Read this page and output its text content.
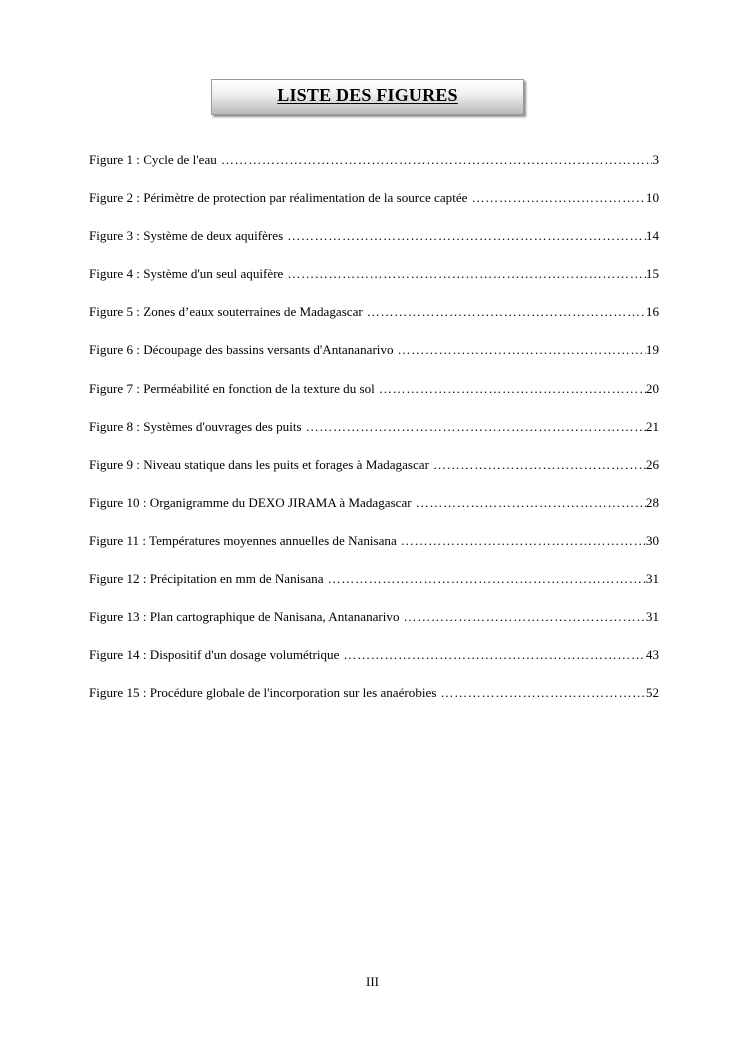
LISTE DES FIGURES
Figure 1 : Cycle de l'eau ………………………………………………………………………………………………………………………………………………………………………………	3
Figure 2 : Périmètre de protection par réalimentation de la source captée ………………………………………………………………………………………………………………………………………………………………………………	10
Figure 3 : Système de deux aquifères ………………………………………………………………………………………………………………………………………………………………………………	14
Figure 4 : Système d'un seul aquifère ………………………………………………………………………………………………………………………………………………………………………………	15
Figure 5 : Zones d’eaux souterraines de Madagascar ………………………………………………………………………………………………………………………………………………………………………………	16
Figure 6 : Découpage des bassins versants d'Antananarivo ………………………………………………………………………………………………………………………………………………………………………………	19
Figure 7 : Perméabilité en fonction de la texture du sol ………………………………………………………………………………………………………………………………………………………………………………	20
Figure 8 : Systèmes d'ouvrages des puits ………………………………………………………………………………………………………………………………………………………………………………	21
Figure 9 : Niveau statique dans les puits et forages à Madagascar ………………………………………………………………………………………………………………………………………………………………………………	26
Figure 10 : Organigramme du DEXO JIRAMA à Madagascar ………………………………………………………………………………………………………………………………………………………………………………	28
Figure 11 : Températures moyennes annuelles de Nanisana ………………………………………………………………………………………………………………………………………………………………………………	30
Figure 12 : Précipitation en mm de Nanisana ………………………………………………………………………………………………………………………………………………………………………………	31
Figure 13 : Plan cartographique de Nanisana, Antananarivo ………………………………………………………………………………………………………………………………………………………………………………	31
Figure 14 : Dispositif d'un dosage volumétrique ………………………………………………………………………………………………………………………………………………………………………………	43
Figure 15 : Procédure globale de l'incorporation sur les anaérobies ………………………………………………………………………………………………………………………………………………………………………………	52
III
